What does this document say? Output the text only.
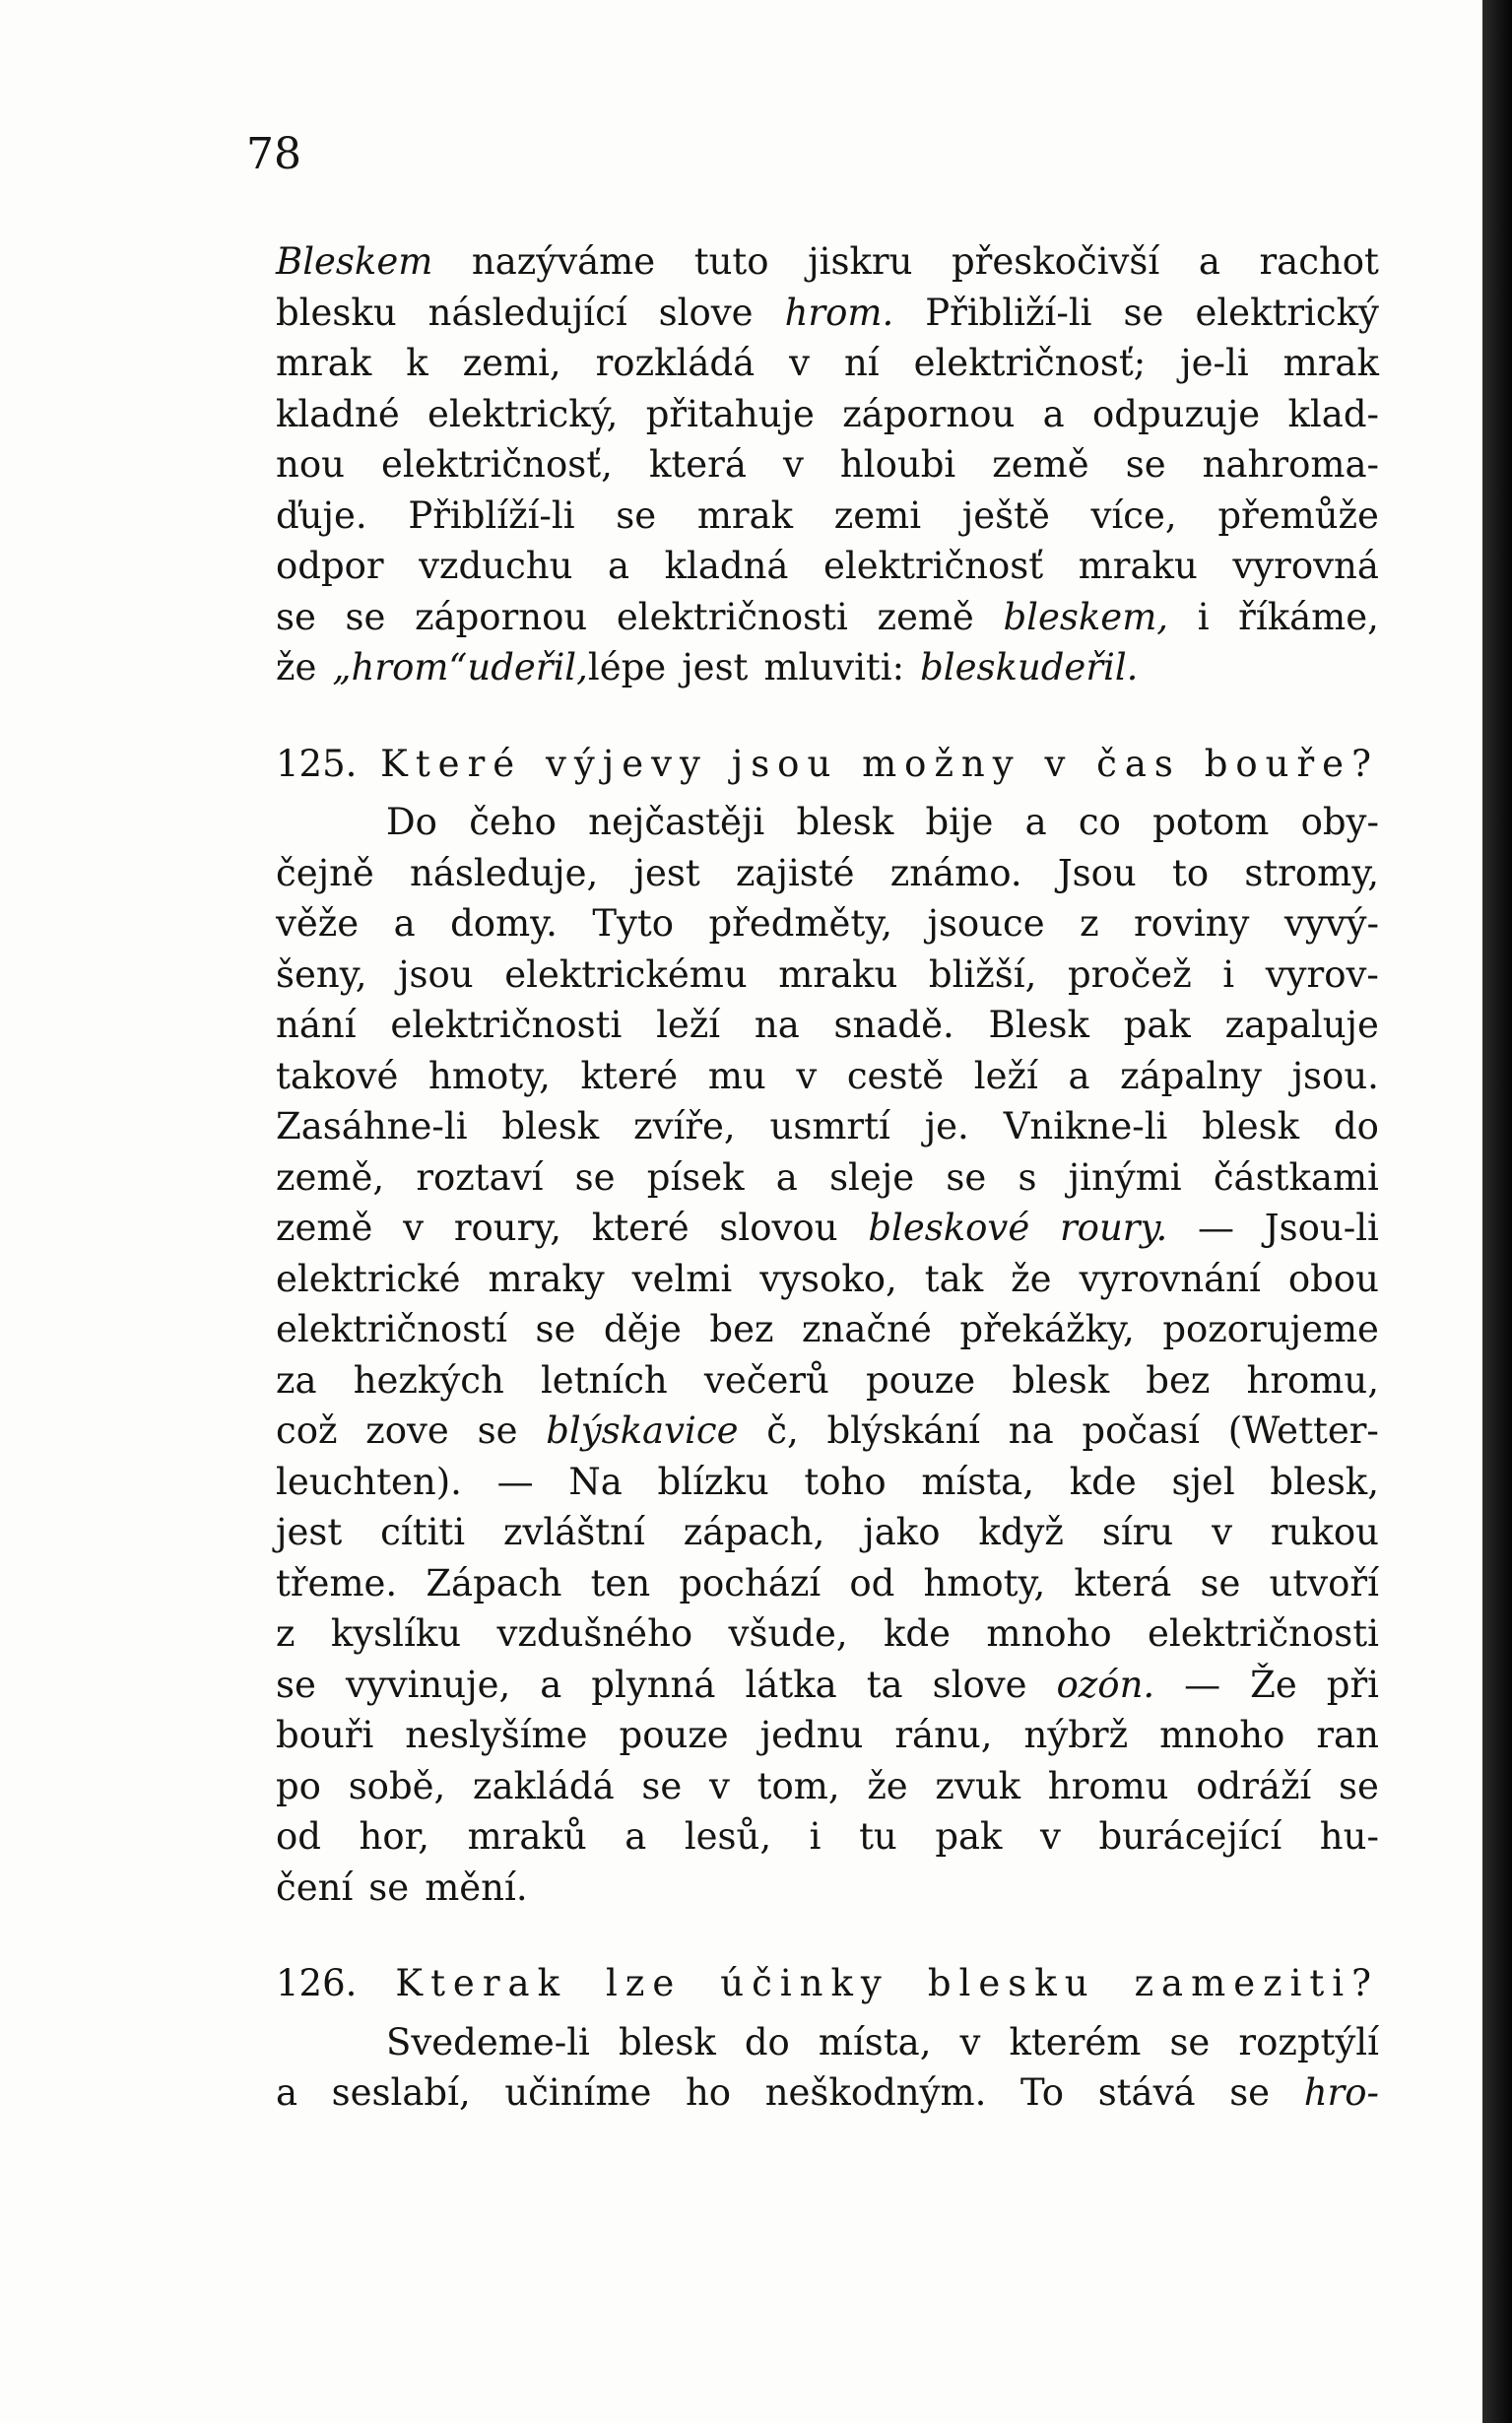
78
Bleskem nazýváme tuto jiskru přeskočivší a rachot
blesku následující slove hrom. Přibliží-li se elektrický
mrak k zemi, rozkládá v ní električnosť; je-li mrak
kladné elektrický, přitahuje zápornou a odpuzuje klad-
nou električnosť, která v hloubi země se nahroma-
ďuje. Přiblíží-li se mrak zemi ještě více, přemůže
odpor vzduchu a kladná električnosť mraku vyrovná
se se zápornou električnosti země bleskem, i říkáme,
že „hrom“ udeřil, lépe jest mluviti: blesk udeřil.
125. Které výjevy jsou možny v čas bouře?
Do čeho nejčastěji blesk bije a co potom oby-
čejně následuje, jest zajisté známo. Jsou to stromy,
věže a domy. Tyto předměty, jsouce z roviny vyvý-
šeny, jsou elektrickému mraku bližší, pročež i vyrov-
nání električnosti leží na snadě. Blesk pak zapaluje
takové hmoty, které mu v cestě leží a zápalny jsou.
Zasáhne-li blesk zvíře, usmrtí je. Vnikne-li blesk do
země, roztaví se písek a sleje se s jinými částkami
země v roury, které slovou bleskové roury. — Jsou-li
elektrické mraky velmi vysoko, tak že vyrovnání obou
električností se děje bez značné překážky, pozorujeme
za hezkých letních večerů pouze blesk bez hromu,
což zove se blýskavice č, blýskání na počasí (Wetter-
leuchten). — Na blízku toho místa, kde sjel blesk,
jest cítiti zvláštní zápach, jako když síru v rukou
třeme. Zápach ten pochází od hmoty, která se utvoří
z kyslíku vzdušného všude, kde mnoho električnosti
se vyvinuje, a plynná látka ta slove ozón. — Že při
bouři neslyšíme pouze jednu ránu, nýbrž mnoho ran
po sobě, zakládá se v tom, že zvuk hromu odráží se
od hor, mraků a lesů, i tu pak v burácející hu-
čení se mění.
126. Kterak lze účinky blesku zameziti?
Svedeme-li blesk do místa, v kterém se rozptýlí
a seslabí, učiníme ho neškodným. To stává se hro-
